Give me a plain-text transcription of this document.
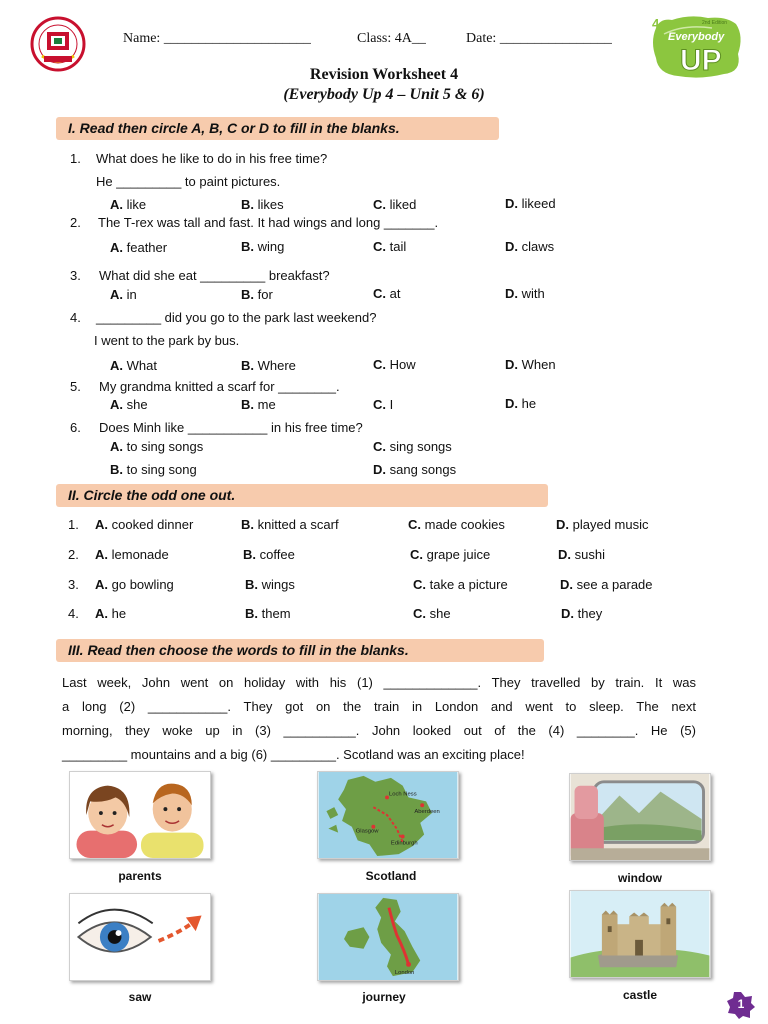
Name: _____________________	Class: 4A__	Date: ________________
4	2nd Edition
Everybody
UP
Revision Worksheet 4
(Everybody Up 4 – Unit 5 & 6)
I. Read then circle A, B, C or D to fill in the blanks.
1. What does he like to do in his free time?
He _________ to paint pictures.
A. like	B. likes	C. liked	D. likeed
2. The T-rex was tall and fast. It had wings and long _______.
A. feather	B. wing	C. tail	D. claws
3. What did she eat _________ breakfast?
A. in	B. for	C. at	D. with
4. _________ did you go to the park last weekend?
I went to the park by bus.
A. What	B. Where	C. How	D. When
5. My grandma knitted a scarf for ________.
A. she	B. me	C. I	D. he
6. Does Minh like ___________ in his free time?
A. to sing songs
B. to sing song
C. sing songs
D. sang songs
II. Circle the odd one out.
1. A. cooked dinner	B. knitted a scarf	C. made cookies	D. played music
2. A. lemonade	B. coffee	C. grape juice	D. sushi
3. A. go bowling	B. wings	C. take a picture	D. see a parade
4. A. he	B. them	C. she	D. they
III. Read then choose the words to fill in the blanks.
Last week, John went on holiday with his (1) _____________. They travelled by train. It was
a long (2) ___________. They got on the train in London and went to sleep. The next
morning, they woke up in (3) __________. John looked out of the (4) ________. He (5)
_________ mountains and a big (6) _________. Scotland was an exciting place!
parents
Loch Ness
Aberdeen
Glasgow
Edinburgh
Scotland	window
saw
London
journey	castle
1
